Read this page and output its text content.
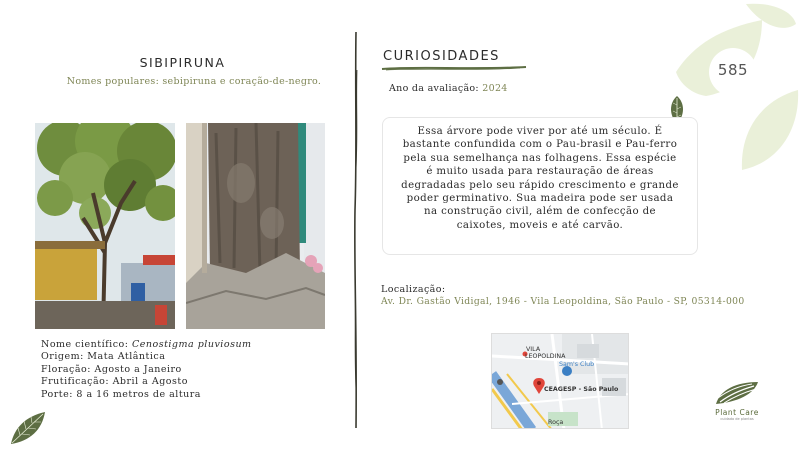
585
SIBIPIRUNA
Nomes populares: sebipiruna e coração-de-negro.
Nome científico: Cenostigma pluviosum
Origem: Mata Atlântica
Floração: Agosto a Janeiro
Frutificação: Abril a Agosto
Porte: 8 a 16 metros de altura
CURIOSIDADES
Ano da avaliação: 2024
Essa árvore pode viver por até um século. É
bastante confundida com o Pau-brasil e Pau-ferro
pela sua semelhança nas folhagens. Essa espécie
é muito usada para restauração de áreas
degradadas pelo seu rápido crescimento e grande
poder germinativo. Sua madeira pode ser usada
na construção civil, além de confecção de
caixotes, moveis e até carvão.
Localização:
Av. Dr. Gastão Vidigal, 1946 - Vila Leopoldina, São Paulo - SP, 05314-000
VILA
LEOPOLDINA
Sam's Club
CEAGESP - São Paulo
Roça
Plant Care
cuidado de plantas
